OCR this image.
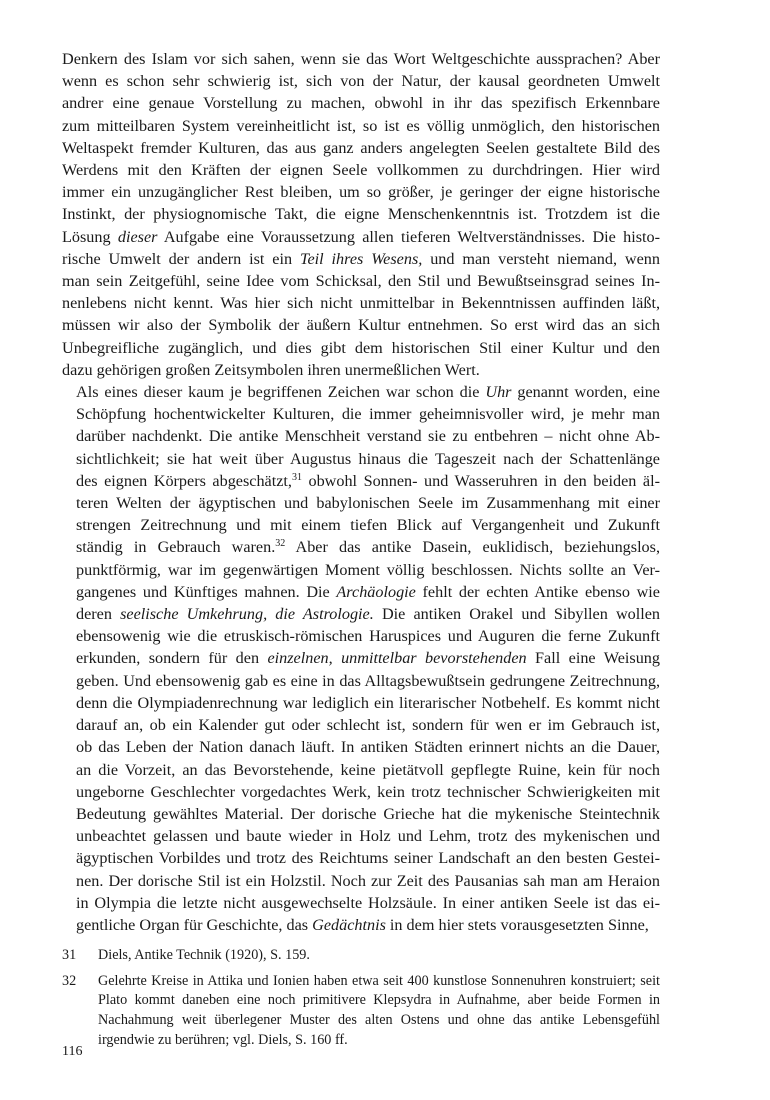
Denkern des Islam vor sich sahen, wenn sie das Wort Weltgeschichte aussprachen? Aber
wenn es schon sehr schwierig ist, sich von der Natur, der kausal geordneten Umwelt
andrer eine genaue Vorstellung zu machen, obwohl in ihr das spezifisch Erkennbare
zum mitteilbaren System vereinheitlicht ist, so ist es völlig unmöglich, den historischen
Weltaspekt fremder Kulturen, das aus ganz anders angelegten Seelen gestaltete Bild des
Werdens mit den Kräften der eignen Seele vollkommen zu durchdringen. Hier wird
immer ein unzugänglicher Rest bleiben, um so größer, je geringer der eigne historische
Instinkt, der physiognomische Takt, die eigne Menschenkenntnis ist. Trotzdem ist die
Lösung dieser Aufgabe eine Voraussetzung allen tieferen Weltverständnisses. Die histo-
rische Umwelt der andern ist ein Teil ihres Wesens, und man versteht niemand, wenn
man sein Zeitgefühl, seine Idee vom Schicksal, den Stil und Bewußtseinsgrad seines In-
nenlebens nicht kennt. Was hier sich nicht unmittelbar in Bekenntnissen auffinden läßt,
müssen wir also der Symbolik der äußern Kultur entnehmen. So erst wird das an sich
Unbegreifliche zugänglich, und dies gibt dem historischen Stil einer Kultur und den
dazu gehörigen großen Zeitsymbolen ihren unermeßlichen Wert.

Als eines dieser kaum je begriffenen Zeichen war schon die Uhr genannt worden, eine
Schöpfung hochentwickelter Kulturen, die immer geheimnisvoller wird, je mehr man
darüber nachdenkt. Die antike Menschheit verstand sie zu entbehren – nicht ohne Ab-
sichtlichkeit; sie hat weit über Augustus hinaus die Tageszeit nach der Schattenlänge
des eignen Körpers abgeschätzt,$^{31}$ obwohl Sonnen- und Wasseruhren in den beiden äl-
teren Welten der ägyptischen und babylonischen Seele im Zusammenhang mit einer
strengen Zeitrechnung und mit einem tiefen Blick auf Vergangenheit und Zukunft
ständig in Gebrauch waren.$^{32}$ Aber das antike Dasein, euklidisch, beziehungslos,
punktförmig, war im gegenwärtigen Moment völlig beschlossen. Nichts sollte an Ver-
gangenes und Künftiges mahnen. Die Archäologie fehlt der echten Antike ebenso wie
deren seelische Umkehrung, die Astrologie. Die antiken Orakel und Sibyllen wollen
ebensowenig wie die etruskisch-römischen Haruspices und Auguren die ferne Zukunft
erkunden, sondern für den einzelnen, unmittelbar bevorstehenden Fall eine Weisung
geben. Und ebensowenig gab es eine in das Alltagsbewußtsein gedrungene Zeitrechnung,
denn die Olympiadenrechnung war lediglich ein literarischer Notbehelf. Es kommt nicht
darauf an, ob ein Kalender gut oder schlecht ist, sondern für wen er im Gebrauch ist,
ob das Leben der Nation danach läuft. In antiken Städten erinnert nichts an die Dauer,
an die Vorzeit, an das Bevorstehende, keine pietätvoll gepflegte Ruine, kein für noch
ungeborne Geschlechter vorgedachtes Werk, kein trotz technischer Schwierigkeiten mit
Bedeutung gewähltes Material. Der dorische Grieche hat die mykenische Steintechnik
unbeachtet gelassen und baute wieder in Holz und Lehm, trotz des mykenischen und
ägyptischen Vorbildes und trotz des Reichtums seiner Landschaft an den besten Gestei-
nen. Der dorische Stil ist ein Holzstil. Noch zur Zeit des Pausanias sah man am Heraion
in Olympia die letzte nicht ausgewechselte Holzsäule. In einer antiken Seele ist das ei-
gentliche Organ für Geschichte, das Gedächtnis in dem hier stets vorausgesetzten Sinne,

31	Diels, Antike Technik (1920), S. 159.
32	Gelehrte Kreise in Attika und Ionien haben etwa seit 400 kunstlose Sonnenuhren konstruiert; seit Plato kommt daneben eine noch primitivere Klepsydra in Aufnahme, aber beide Formen in Nachahmung weit überlegener Muster des alten Ostens und ohne das antike Lebensgefühl irgendwie zu berühren; vgl. Diels, S. 160 ff.
116
